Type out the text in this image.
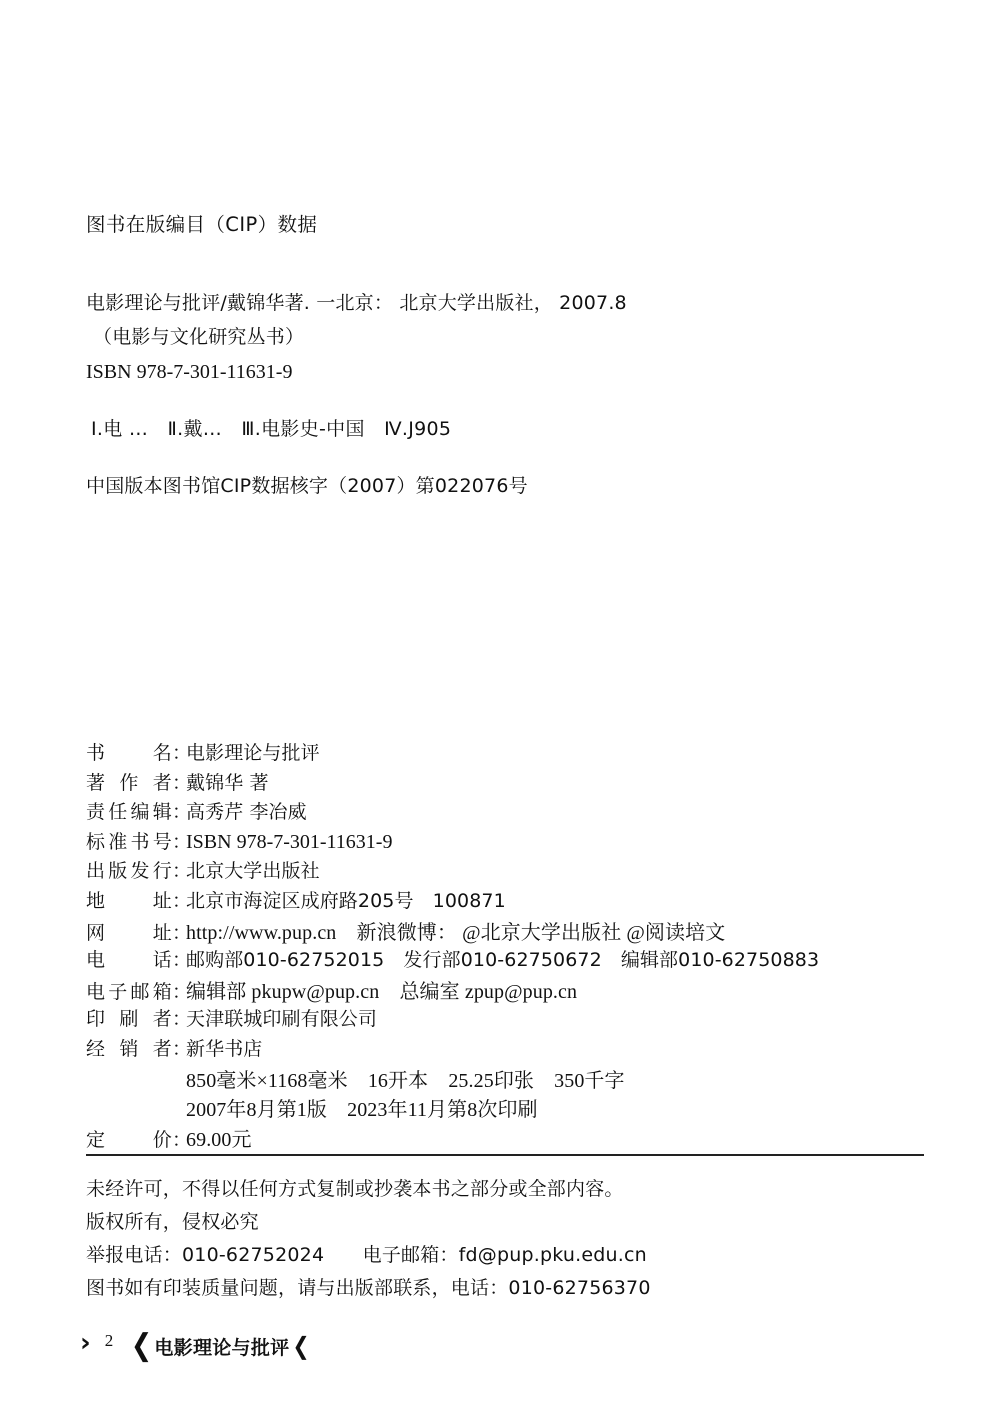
图书在版编目（CIP）数据
电影理论与批评/戴锦华著. 一北京： 北京大学出版社， 2007.8
（电影与文化研究丛书）
ISBN 978-7-301-11631-9
Ⅰ.电 …　Ⅱ.戴…　Ⅲ.电影史-中国　Ⅳ.J905
中国版本图书馆CIP数据核字（2007）第022076号
书名 ：
电影理论与批评
著作者 ：
戴锦华 著
责任编辑 ：
高秀芹 李冶威
标准书号 ：
ISBN 978-7-301-11631-9
出版发行 ：
北京大学出版社
地址 ：
北京市海淀区成府路205号　100871
网址 ：
http://www.pup.cn　新浪微博： @北京大学出版社 @阅读培文
电话 ：
邮购部010-62752015　发行部010-62750672　编辑部010-62750883
电子邮箱 ：
编辑部 pkupw@pup.cn　总编室 zpup@pup.cn
印刷者 ：
天津联城印刷有限公司
经销者 ：
新华书店
850毫米×1168毫米　16开本　25.25印张　350千字
2007年8月第1版　2023年11月第8次印刷
定价 ：
69.00元
未经许可，不得以任何方式复制或抄袭本书之部分或全部内容。
版权所有，侵权必究
举报电话：010-62752024　　电子邮箱：fd@pup.pku.edu.cn
图书如有印装质量问题，请与出版部联系，电话：010-62756370
› 2 ❮ 电影理论与批评 ❮
